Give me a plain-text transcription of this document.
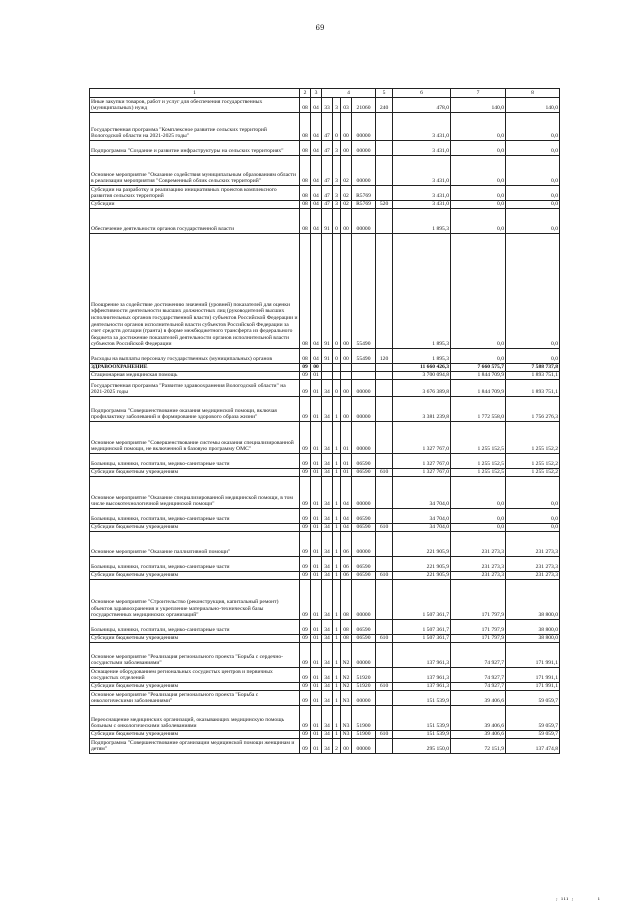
69
1	2	3	4				5	6	7	8
Иные закупки товаров, работ и услуг для обеспечения государственных (муниципальных) нужд	08	04	33	3	03	21060	240	478,0	140,0	140,0
Государственная программа "Комплексное развитие сельских территорий Вологодской области на 2021-2025 годы"	08	04	47	0	00	00000		3 431,0	0,0	0,0
Подпрограмма "Создание и развитие инфраструктуры на сельских территориях"	08	04	47	3	00	00000		3 431,0	0,0	0,0
Основное мероприятие "Оказание содействия муниципальным образованиям области в реализации мероприятия "Современный облик сельских территорий"	08	04	47	3	02	00000		3 431,0	0,0	0,0
Субсидии на разработку и реализацию инициативных проектов комплексного развития сельских территорий	08	04	47	3	02	R5769		3 431,0	0,0	0,0
Субсидии	08	04	47	3	02	R5769	520	3 431,0	0,0	0,0
Обеспечение деятельности органов государственной власти	08	04	91	0	00	00000		1 895,3	0,0	0,0
Поощрение за содействие достижению значений (уровней) показателей для оценки эффективности деятельности высших должностных лиц (руководителей высших исполнительных органов государственной власти) субъектов Российской Федерации и деятельности органов исполнительной власти субъектов Российской Федерации за счет средств дотации (гранта) в форме межбюджетного трансферта из федерального бюджета за достижение показателей деятельности органов исполнительной власти субъектов Российской Федерации	08	04	91	0	00	55490		1 895,3	0,0	0,0
Расходы на выплаты персоналу государственных (муниципальных) органов	08	04	91	0	00	55490	120	1 895,3	0,0	0,0
ЗДРАВООХРАНЕНИЕ	09	00						11 660 426,3	7 660 575,7	7 588 737,8
Стационарная медицинская помощь	09	01						3 700 094,8	1 844 709,9	1 893 751,1
Государственная программа "Развитие здравоохранения Вологодской области" на 2021-2025 годы	09	01	34	0	00	00000		3 676 389,8	1 844 709,9	1 893 751,1
Подпрограмма "Совершенствование оказания медицинской помощи, включая профилактику заболеваний и формирование здорового образа жизни"	09	01	34	1	00	00000		3 381 239,8	1 772 558,0	1 756 276,3
Основное мероприятие "Совершенствование системы оказания специализированной медицинской помощи, не включенной в базовую программу ОМС"	09	01	34	1	01	00000		1 327 767,0	1 255 152,5	1 255 152,2
Больницы, клиники, госпитали, медико-санитарные части	09	01	34	1	01	06590		1 327 767,0	1 255 152,5	1 255 152,2
Субсидии бюджетным учреждениям	09	01	34	1	01	06590	610	1 327 767,0	1 255 152,5	1 255 152,2
Основное мероприятие "Оказание специализированной медицинской помощи, в том числе высокотехнологичной медицинской помощи"	09	01	34	1	04	00000		34 704,0	0,0	0,0
Больницы, клиники, госпитали, медико-санитарные части	09	01	34	1	04	06590		34 704,0	0,0	0,0
Субсидии бюджетным учреждениям	09	01	34	1	04	06590	610	34 704,0	0,0	0,0
Основное мероприятие "Оказание паллиативной помощи"	09	01	34	1	06	00000		221 905,9	231 273,3	231 273,3
Больницы, клиники, госпитали, медико-санитарные части	09	01	34	1	06	06590		221 905,9	231 273,3	231 273,3
Субсидии бюджетным учреждениям	09	01	34	1	06	06590	610	221 905,9	231 273,3	231 273,3
Основное мероприятие "Строительство (реконструкция, капитальный ремонт) объектов здравоохранения и укрепление материально-технической базы государственных медицинских организаций"	09	01	34	1	08	00000		1 507 361,7	171 797,9	38 800,0
Больницы, клиники, госпитали, медико-санитарные части	09	01	34	1	08	06590		1 507 361,7	171 797,9	38 800,0
Субсидии бюджетным учреждениям	09	01	34	1	08	06590	610	1 507 361,7	171 797,9	38 800,0
Основное мероприятие "Реализация регионального проекта "Борьба с сердечно-сосудистыми заболеваниями"	09	01	34	1	N2	00000		137 961,3	74 927,7	171 991,1
Оснащение оборудованием региональных сосудистых центров и первичных сосудистых отделений	09	01	34	1	N2	51920		137 961,3	74 927,7	171 991,1
Субсидии бюджетным учреждениям	09	01	34	1	N2	51920	610	137 961,3	74 927,7	171 991,1
Основное мероприятие "Реализация регионального проекта "Борьба с онкологическими заболеваниями"	09	01	34	1	N3	00000		151 539,9	39 406,6	59 059,7
Переоснащение медицинских организаций, оказывающих медицинскую помощь больным с онкологическими заболеваниями	09	01	34	1	N3	51900		151 539,9	39 406,6	59 059,7
Субсидии бюджетным учреждениям	09	01	34	1	N3	51900	610	151 539,9	39 406,6	59 059,7
Подпрограмма "Совершенствование организации медицинской помощи женщинам и детям"	09	01	34	2	00	00000		295 150,0	72 151,9	137 474,8
; ııı ;	ı
